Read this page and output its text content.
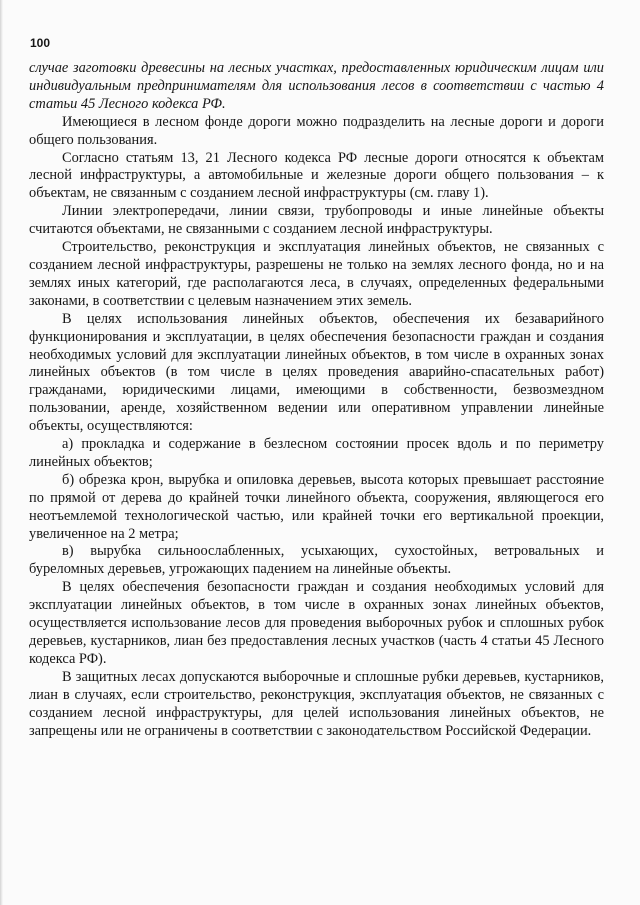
100

случае заготовки древесины на лесных участках, предоставленных юридическим лицам или индивидуальным предпринимателям для использования лесов в соответствии с частью 4 статьи 45 Лесного кодекса РФ.

Имеющиеся в лесном фонде дороги можно подразделить на лесные дороги и дороги общего пользования.

Согласно статьям 13, 21 Лесного кодекса РФ лесные дороги относятся к объектам лесной инфраструктуры, а автомобильные и железные дороги общего пользования – к объектам, не связанным с созданием лесной инфраструктуры (см. главу 1).

Линии электропередачи, линии связи, трубопроводы и иные линейные объекты считаются объектами, не связанными с созданием лесной инфраструктуры.

Строительство, реконструкция и эксплуатация линейных объектов, не связанных с созданием лесной инфраструктуры, разрешены не только на землях лесного фонда, но и на землях иных категорий, где располагаются леса, в случаях, определенных федеральными законами, в соответствии с целевым назначением этих земель.

В целях использования линейных объектов, обеспечения их безаварийного функционирования и эксплуатации, в целях обеспечения безопасности граждан и создания необходимых условий для эксплуатации линейных объектов, в том числе в охранных зонах линейных объектов (в том числе в целях проведения аварийно-спасательных работ) гражданами, юридическими лицами, имеющими в собственности, безвозмездном пользовании, аренде, хозяйственном ведении или оперативном управлении линейные объекты, осуществляются:

а) прокладка и содержание в безлесном состоянии просек вдоль и по периметру линейных объектов;

б) обрезка крон, вырубка и опиловка деревьев, высота которых превышает расстояние по прямой от дерева до крайней точки линейного объекта, сооружения, являющегося его неотъемлемой технологической частью, или крайней точки его вертикальной проекции, увеличенное на 2 метра;

в) вырубка сильноослабленных, усыхающих, сухостойных, ветровальных и буреломных деревьев, угрожающих падением на линейные объекты.

В целях обеспечения безопасности граждан и создания необходимых условий для эксплуатации линейных объектов, в том числе в охранных зонах линейных объектов, осуществляется использование лесов для проведения выборочных рубок и сплошных рубок деревьев, кустарников, лиан без предоставления лесных участков (часть 4 статьи 45 Лесного кодекса РФ).

В защитных лесах допускаются выборочные и сплошные рубки деревьев, кустарников, лиан в случаях, если строительство, реконструкция, эксплуатация объектов, не связанных с созданием лесной инфраструктуры, для целей использования линейных объектов, не запрещены или не ограничены в соответствии с законодательством Российской Федерации.
